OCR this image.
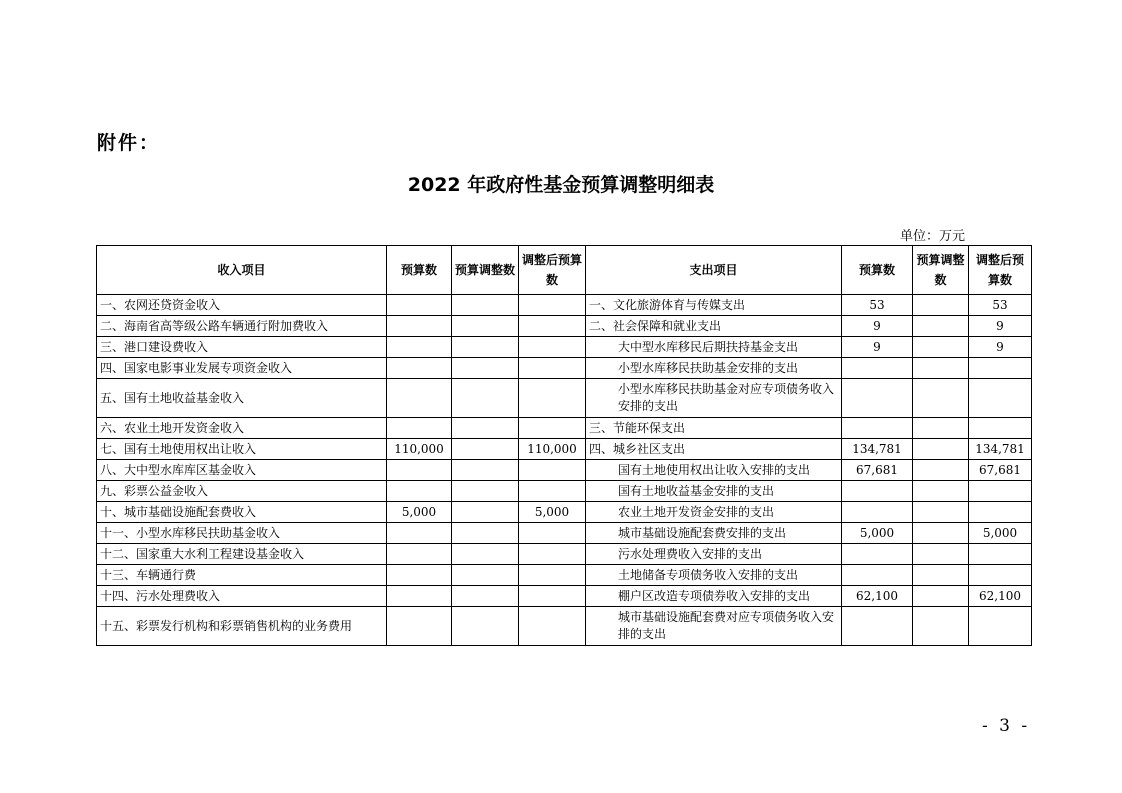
附件：
2022 年政府性基金预算调整明细表
单位：万元
收入项目	预算数	预算调整数	调整后预算数	支出项目	预算数	预算调整数	调整后预算数
一、农网还贷资金收入				一、文化旅游体育与传媒支出	53		53
二、海南省高等级公路车辆通行附加费收入				二、社会保障和就业支出	9		9
三、港口建设费收入				大中型水库移民后期扶持基金支出	9		9
四、国家电影事业发展专项资金收入				小型水库移民扶助基金安排的支出			
五、国有土地收益基金收入				小型水库移民扶助基金对应专项债务收入安排的支出			
六、农业土地开发资金收入				三、节能环保支出			
七、国有土地使用权出让收入	110,000		110,000	四、城乡社区支出	134,781		134,781
八、大中型水库库区基金收入				国有土地使用权出让收入安排的支出	67,681		67,681
九、彩票公益金收入				国有土地收益基金安排的支出			
十、城市基础设施配套费收入	5,000		5,000	农业土地开发资金安排的支出			
十一、小型水库移民扶助基金收入				城市基础设施配套费安排的支出	5,000		5,000
十二、国家重大水利工程建设基金收入				污水处理费收入安排的支出			
十三、车辆通行费				土地储备专项债务收入安排的支出			
十四、污水处理费收入				棚户区改造专项债券收入安排的支出	62,100		62,100
十五、彩票发行机构和彩票销售机构的业务费用				城市基础设施配套费对应专项债务收入安排的支出			
- 3 -
